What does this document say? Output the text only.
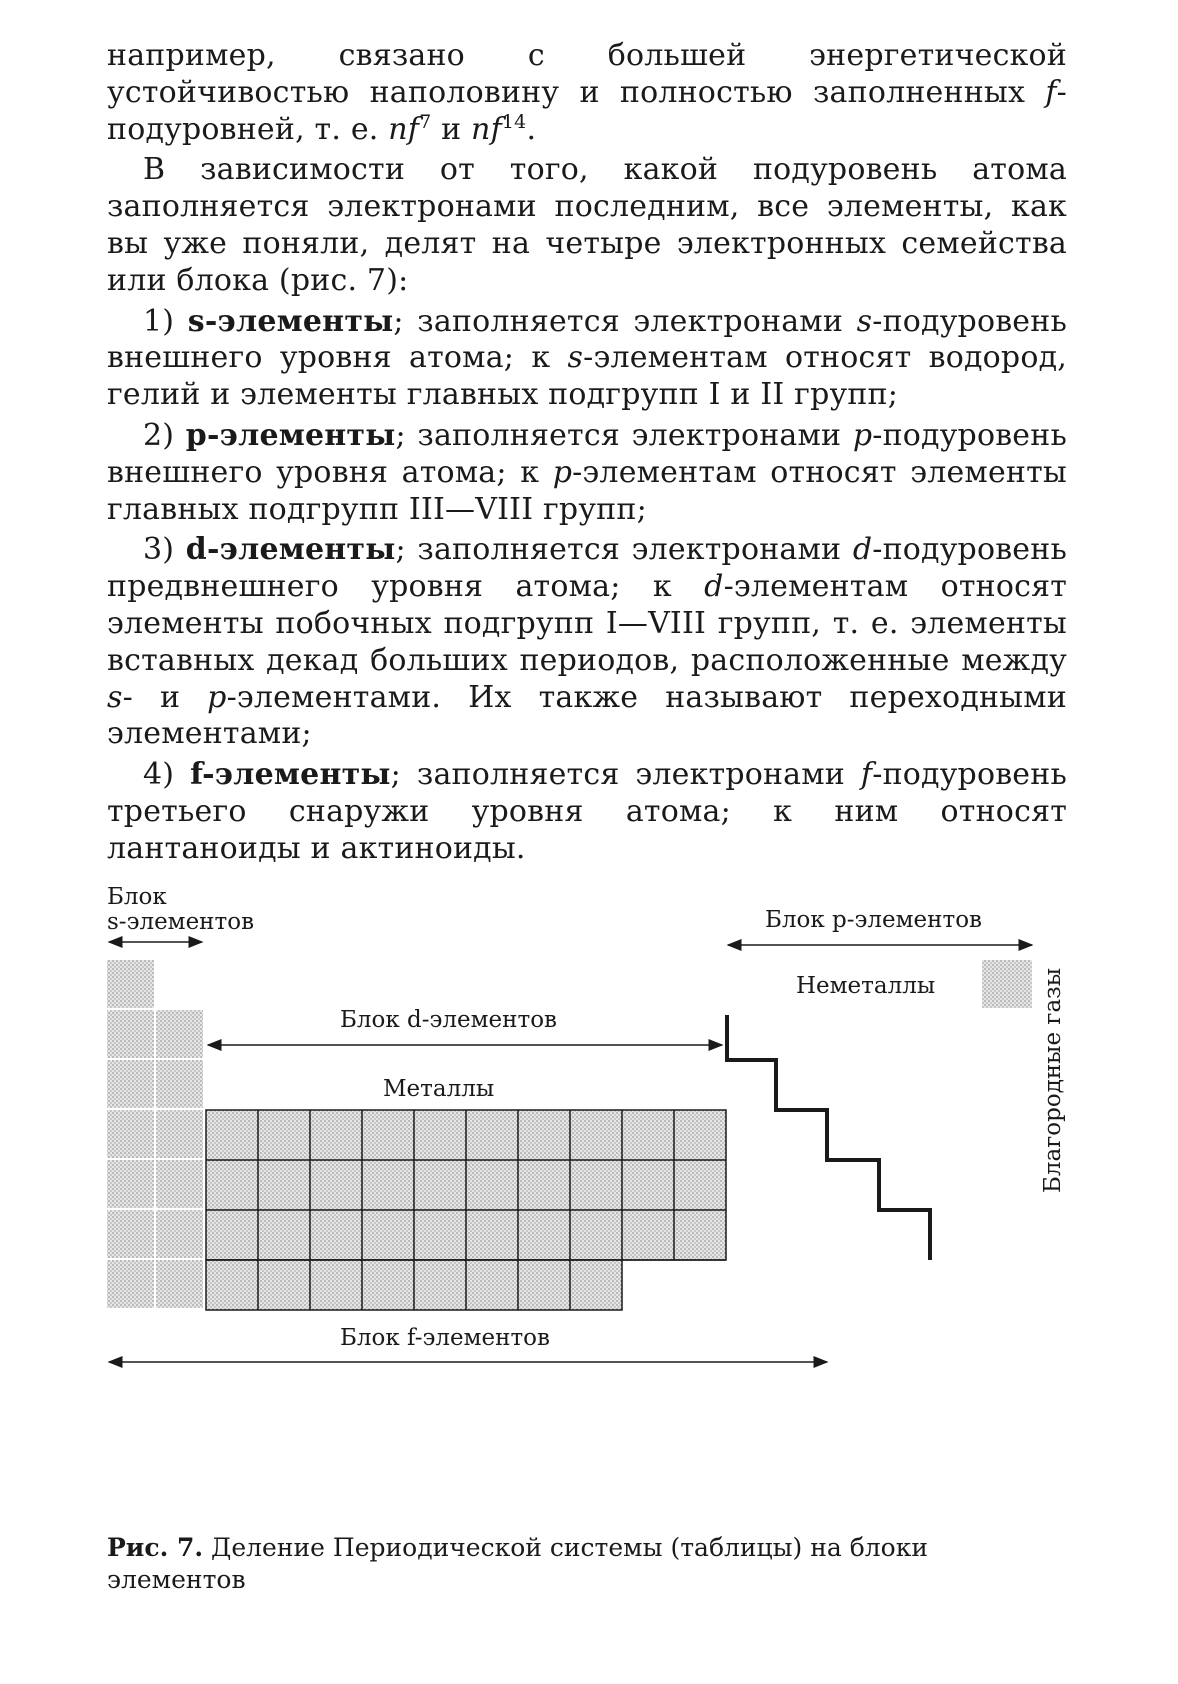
например, связано с большей энергетической устойчивостью наполовину и полностью заполненных f-подуровней, т. е. $nf^7$ и $nf^{14}$.

В зависимости от того, какой подуровень атома заполняется электронами последним, все элементы, как вы уже поняли, делят на четыре электронных семейства или блока (рис. 7):

1) s-элементы; заполняется электронами s-подуровень внешнего уровня атома; к s-элементам относят водород, гелий и элементы главных подгрупп I и II групп;

2) p-элементы; заполняется электронами p-подуровень внешнего уровня атома; к p-элементам относят элементы главных подгрупп III—VIII групп;

3) d-элементы; заполняется электронами d-подуровень предвнешнего уровня атома; к d-элементам относят элементы побочных подгрупп I—VIII групп, т. е. элементы вставных декад больших периодов, расположенные между s- и p-элементами. Их также называют переходными элементами;

4) f-элементы; заполняется электронами f-подуровень третьего снаружи уровня атома; к ним относят лантаноиды и актиноиды.

Блок
s-элементов	Блок p-элементов
Неметаллы
Блок d-элементов
Металлы
Блок f-элементов
Благородные газы
Рис. 7. Деление Периодической системы (таблицы) на блоки элементов
